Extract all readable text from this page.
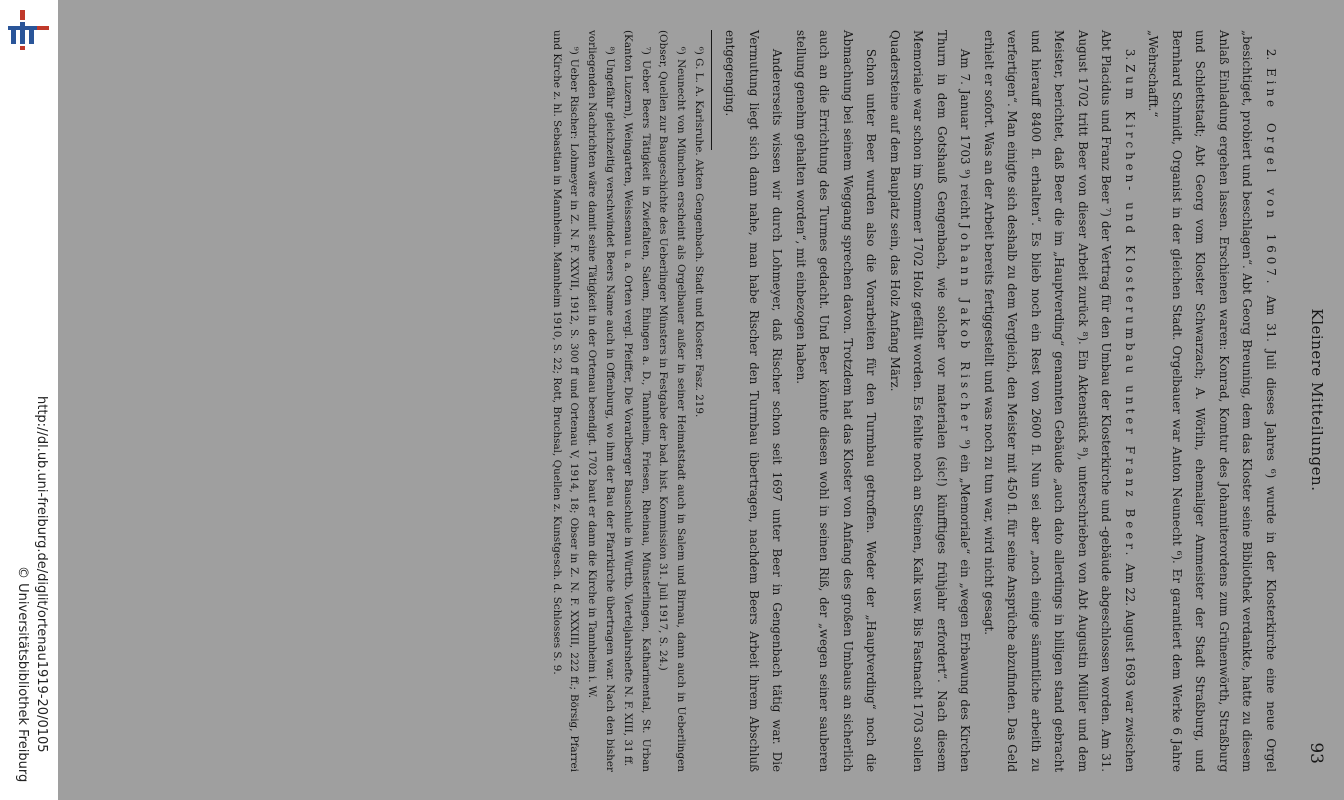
http://dl.ub.uni-freiburg.de/diglit/ortenau1919-20/0105
© Universitätsbibliothek Freiburg
Kleinere Mitteilungen.
93

2. Eine Orgel von 1607. Am 31. Juli dieses Jahres ⁶) wurde in der Klosterkirche eine neue Orgel „besichtiget, probiert und beschlagen“. Abt Georg Breuning, dem das Kloster seine Bibliothek verdankte, hatte zu diesem Anlaß Einladung ergehen lassen. Erschienen waren: Konrad, Komtur des Johanniterordens zum Grünenwörth, Straßburg und Schlettstadt; Abt Georg vom Kloster Schwarzach; A. Wörlin, ehemaliger Ammeister der Stadt Straßburg, und Bernhard Schmidt, Organist in der gleichen Stadt. Orgelbauer war Anton Neunecht ⁶). Er garantiert dem Werke 6 Jahre „Wehrschafft.“

3. Zum Kirchen- und Klosterumbau unter Franz Beer. Am 22. August 1693 war zwischen Abt Placidus und Franz Beer ⁷) der Vertrag für den Umbau der Klosterkirche und -gebäude abgeschlossen worden. Am 31. August 1702 tritt Beer von dieser Arbeit zurück ⁸). Ein Aktenstück ⁸), unterschrieben von Abt Augustin Müller und dem Meister, berichtet, daß Beer die im „Hauptverding“ genannten Gebäude „auch dato allerdings in billigen stand gebracht und hierauff 8400 fl. erhalten“. Es blieb noch ein Rest von 2600 fl. Nun sei aber „noch einige sämmtliche arbeith zu verfertigen“. Man einigte sich deshalb zu dem Vergleich, den Meister mit 450 fl. für seine Ansprüche abzufinden. Das Geld erhielt er sofort. Was an der Arbeit bereits fertiggestellt und was noch zu tun war, wird nicht gesagt.

Am 7. Januar 1703 ⁹) reicht Johann Jakob Rischer ⁹) ein „Memoriale“ ein „wegen Erbawung des Kirchen Thurn in dem Gotshauß Gengenbach, wie solcher vor materialen (sic!) künfftiges frühjahr erfordert“. Nach diesem Memoriale war schon im Sommer 1702 Holz gefällt worden. Es fehlte noch an Steinen, Kalk usw. Bis Fastnacht 1703 sollen Quadersteine auf dem Bauplatz sein, das Holz Anfang März.

Schon unter Beer wurden also die Vorarbeiten für den Turmbau getroffen. Weder der „Hauptverding“ noch die Abmachung bei seinem Weggang sprechen davon. Trotzdem hat das Kloster von Anfang des großen Umbaus an sicherlich auch an die Errichtung des Turmes gedacht. Und Beer könnte diesen wohl in seinen Riß, der „wegen seiner sauberen stellung genehm gehalten worden“, mit einbezogen haben.

Andererseits wissen wir durch Lohmeyer, daß Rischer schon seit 1697 unter Beer in Gengenbach tätig war. Die Vermutung liegt sich dann nahe, man habe Rischer den Turmbau übertragen, nachdem Beers Arbeit ihrem Abschluß entgegenging.

⁶) G. L. A. Karlsruhe. Akten Gengenbach. Stadt und Kloster. Fasz. 219.

⁶) Neunecht von München erscheint als Orgelbauer außer in seiner Heimatstadt auch in Salem und Birnau, dann auch in Ueberlingen (Obser, Quellen zur Baugeschichte des Ueberlinger Münsters in Festgabe der bad. hist. Kommission 31. Juli 1917, S. 24.)

⁷) Ueber Beers Tätigkeit in Zwiefalten, Salem, Ehingen a. D., Tannheim, Friesen, Rheinau, Münsterlingen, Katharinental, St. Urban (Kanton Luzern), Weingarten, Weissenau u. a. Orten vergl. Pfeiffer, Die Vorarlberger Bauschule in Württb. Vierteljahrshefte N. F. XIII, 31 ff.

⁸) Ungefähr gleichzeitig verschwindet Beers Name auch in Offenburg, wo ihm der Bau der Pfarrkirche übertragen war. Nach den bisher vorliegenden Nachrichten wäre damit seine Tätigkeit in der Ortenau beendigt. 1702 baut er dann die Kirche in Tannheim i. W.

⁹) Ueber Rischer: Lohmeyer in Z. N. F. XXVII, 1912, S. 300 ff und Ortenau V, 1914, 18; Obser in Z. N. F. XXXIII, 222 ff.; Börsig, Pfarrei und Kirche z. hl. Sebastian in Mannheim. Mannheim 1910, S. 22; Rott, Bruchsal, Quellen z. Kunstgesch. d. Schlosses S. 9.
